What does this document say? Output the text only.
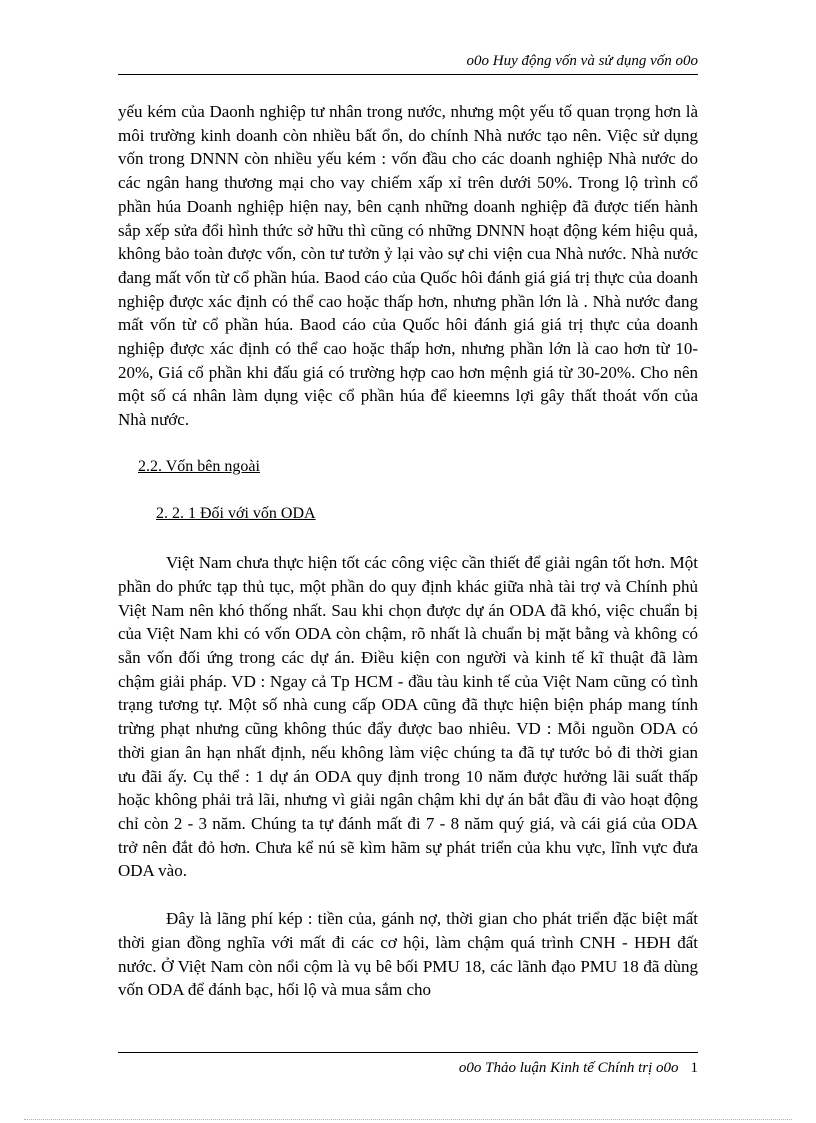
o0o Huy động vốn và sử dụng vốn o0o

yếu kém của Daonh nghiệp tư nhân trong nước, nhưng một yếu tố quan trọng hơn là môi trường kinh doanh còn nhiều bất ổn, do chính Nhà nước tạo nên. Việc sử dụng vốn trong DNNN còn nhiều yếu kém : vốn đầu cho các doanh nghiệp Nhà nước do các ngân hang thương mại cho vay chiếm xấp xỉ trên dưới 50%. Trong lộ trình cổ phần húa Doanh nghiệp hiện nay, bên cạnh những doanh nghiệp đã được tiến hành sắp xếp sửa đổi hình thức sở hữu thì cũng có những DNNN hoạt động kém hiệu quả, không bảo toàn được vốn, còn tư tưởn ỷ lại vào sự chi viện cua Nhà nước. Nhà nước đang mất vốn từ cổ phần húa. Baod cáo của Quốc hôi đánh giá giá trị thực của doanh nghiệp được xác định có thể cao hoặc thấp hơn, nhưng phần lớn là . Nhà nước đang mất vốn từ cổ phần húa. Baod cáo của Quốc hôi đánh giá giá trị thực của doanh nghiệp được xác định có thể cao hoặc thấp hơn, nhưng phần lớn là cao hơn từ 10-20%, Giá cổ phần khi đấu giá có trường hợp cao hơn mệnh giá từ 30-20%. Cho nên một số cá nhân làm dụng việc cổ phần húa để kieemns lợi gây thất thoát vốn của Nhà nước.

2.2. Vốn bên ngoài

2. 2. 1 Đối với vốn ODA

Việt Nam chưa thực hiện tốt các công việc cần thiết để giải ngân tốt hơn. Một phần do phức tạp thủ tục, một phần do quy định khác giữa nhà tài trợ và Chính phủ Việt Nam nên khó thống nhất. Sau khi chọn được dự án ODA đã khó, việc chuẩn bị của Việt Nam khi có vốn ODA còn chậm, rõ nhất là chuẩn bị mặt bằng và không có sẵn vốn đối ứng trong các dự án. Điều kiện con người và kinh tế kĩ thuật đã làm chậm giải pháp. VD : Ngay cả Tp HCM - đầu tàu kinh tế của Việt Nam cũng có tình trạng tương tự. Một số nhà cung cấp ODA cũng đã thực hiện biện pháp mang tính trừng phạt nhưng cũng không thúc đẩy được bao nhiêu. VD : Mỗi nguồn ODA có thời gian ân hạn nhất định, nếu không làm việc chúng ta đã tự tước bỏ đi thời gian ưu đãi ấy. Cụ thể : 1 dự án ODA quy định trong 10 năm được hưởng lãi suất thấp hoặc không phải trả lãi, nhưng vì giải ngân chậm khi dự án bắt đầu đi vào hoạt động chỉ còn 2 - 3 năm. Chúng ta tự đánh mất đi 7 - 8 năm quý giá, và cái giá của ODA trở nên đắt đỏ hơn. Chưa kể nú sẽ kìm hãm sự phát triển của khu vực, lĩnh vực đưa ODA vào.

Đây là lãng phí kép : tiền của, gánh nợ, thời gian cho phát triển đặc biệt mất thời gian đồng nghĩa với mất đi các cơ hội, làm chậm quá trình CNH - HĐH đất nước. Ở Việt Nam còn nổi cộm là vụ bê bối PMU 18, các lãnh đạo PMU 18 đã dùng vốn ODA để đánh bạc, hối lộ và mua sắm cho

o0o Thảo luận Kinh tế Chính trị o0o 1
